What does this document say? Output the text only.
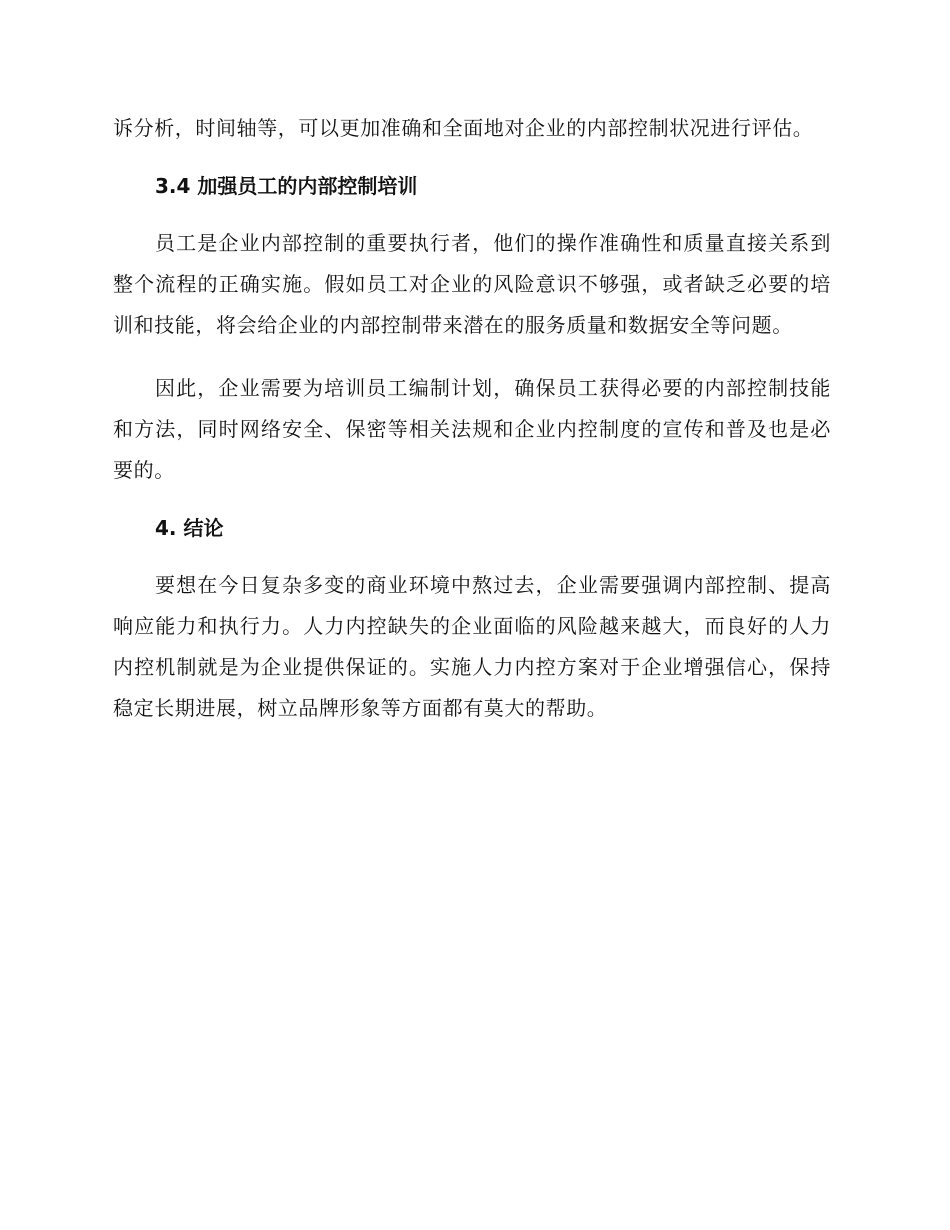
诉分析，时间轴等，可以更加准确和全面地对企业的内部控制状况进行评估。

3.4 加强员工的内部控制培训

员工是企业内部控制的重要执行者，他们的操作准确性和质量直接关系到整个流程的正确实施。假如员工对企业的风险意识不够强，或者缺乏必要的培训和技能，将会给企业的内部控制带来潜在的服务质量和数据安全等问题。

因此，企业需要为培训员工编制计划，确保员工获得必要的内部控制技能和方法，同时网络安全、保密等相关法规和企业内控制度的宣传和普及也是必要的。

4. 结论

要想在今日复杂多变的商业环境中熬过去，企业需要强调内部控制、提高响应能力和执行力。人力内控缺失的企业面临的风险越来越大，而良好的人力内控机制就是为企业提供保证的。实施人力内控方案对于企业增强信心，保持稳定长期进展，树立品牌形象等方面都有莫大的帮助。
